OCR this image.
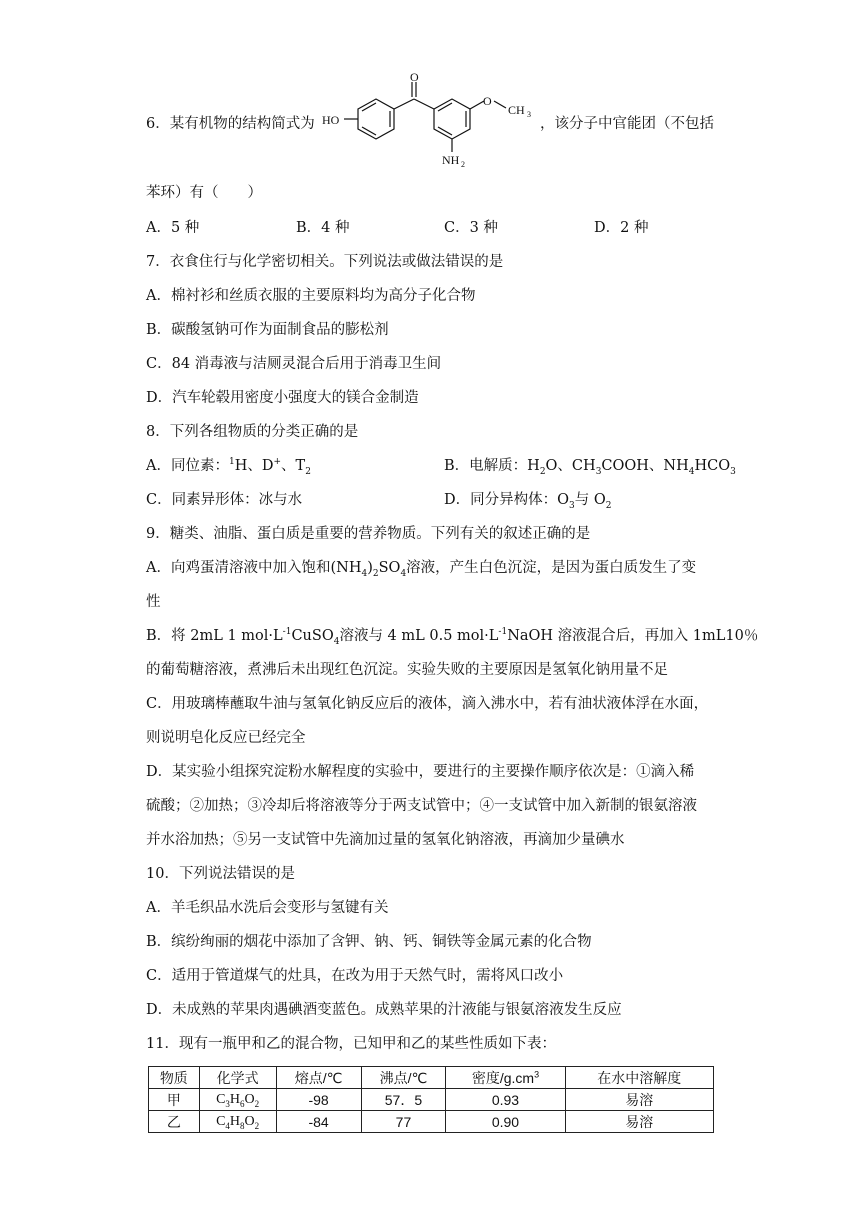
6．某有机物的结构简式为 HO
O
O
CH 3
NH 2
，该分子中官能团（不包括
苯环）有（　　）
A．5 种	B．4 种	C．3 种	D．2 种
7．衣食住行与化学密切相关。下列说法或做法错误的是
A．棉衬衫和丝质衣服的主要原料均为高分子化合物
B．碳酸氢钠可作为面制食品的膨松剂
C．84 消毒液与洁厕灵混合后用于消毒卫生间
D．汽车轮毂用密度小强度大的镁合金制造
8．下列各组物质的分类正确的是
A．同位素：$^1$H、D+、$T_2$	B．电解质：$H_2O$、$CH_3COOH$、$NH_4HCO_3$
C．同素异形体：冰与水	D．同分异构体：$O_3$与 $O_2$
9．糖类、油脂、蛋白质是重要的营养物质。下列有关的叙述正确的是
A．向鸡蛋清溶液中加入饱和$(NH_4)_2SO_4$溶液，产生白色沉淀，是因为蛋白质发生了变
性
B．将 2mL 1 $mol\cdot L^{-1}CuSO_4$溶液与 4 mL 0.5 $mol\cdot L^{-1}NaOH$ 溶液混合后，再加入 1mL10％
的葡萄糖溶液，煮沸后未出现红色沉淀。实验失败的主要原因是氢氧化钠用量不足
C．用玻璃棒蘸取牛油与氢氧化钠反应后的液体，滴入沸水中，若有油状液体浮在水面，
则说明皂化反应已经完全
D．某实验小组探究淀粉水解程度的实验中，要进行的主要操作顺序依次是：①滴入稀
硫酸；②加热；③冷却后将溶液等分于两支试管中；④一支试管中加入新制的银氨溶液
并水浴加热；⑤另一支试管中先滴加过量的氢氧化钠溶液，再滴加少量碘水
10．下列说法错误的是
A．羊毛织品水洗后会变形与氢键有关
B．缤纷绚丽的烟花中添加了含钾、钠、钙、铜铁等金属元素的化合物
C．适用于管道煤气的灶具，在改为用于天然气时，需将风口改小
D．未成熟的苹果肉遇碘酒变蓝色。成熟苹果的汁液能与银氨溶液发生反应
11．现有一瓶甲和乙的混合物，已知甲和乙的某些性质如下表：
物质	化学式	熔点/℃	沸点/℃	密度$/g.cm^3$	在水中溶解度
甲	$C_3H_6O_2$	-98	57．5	0.93	易溶
乙	$C_4H_8O_2$	-84	77	0.90	易溶
